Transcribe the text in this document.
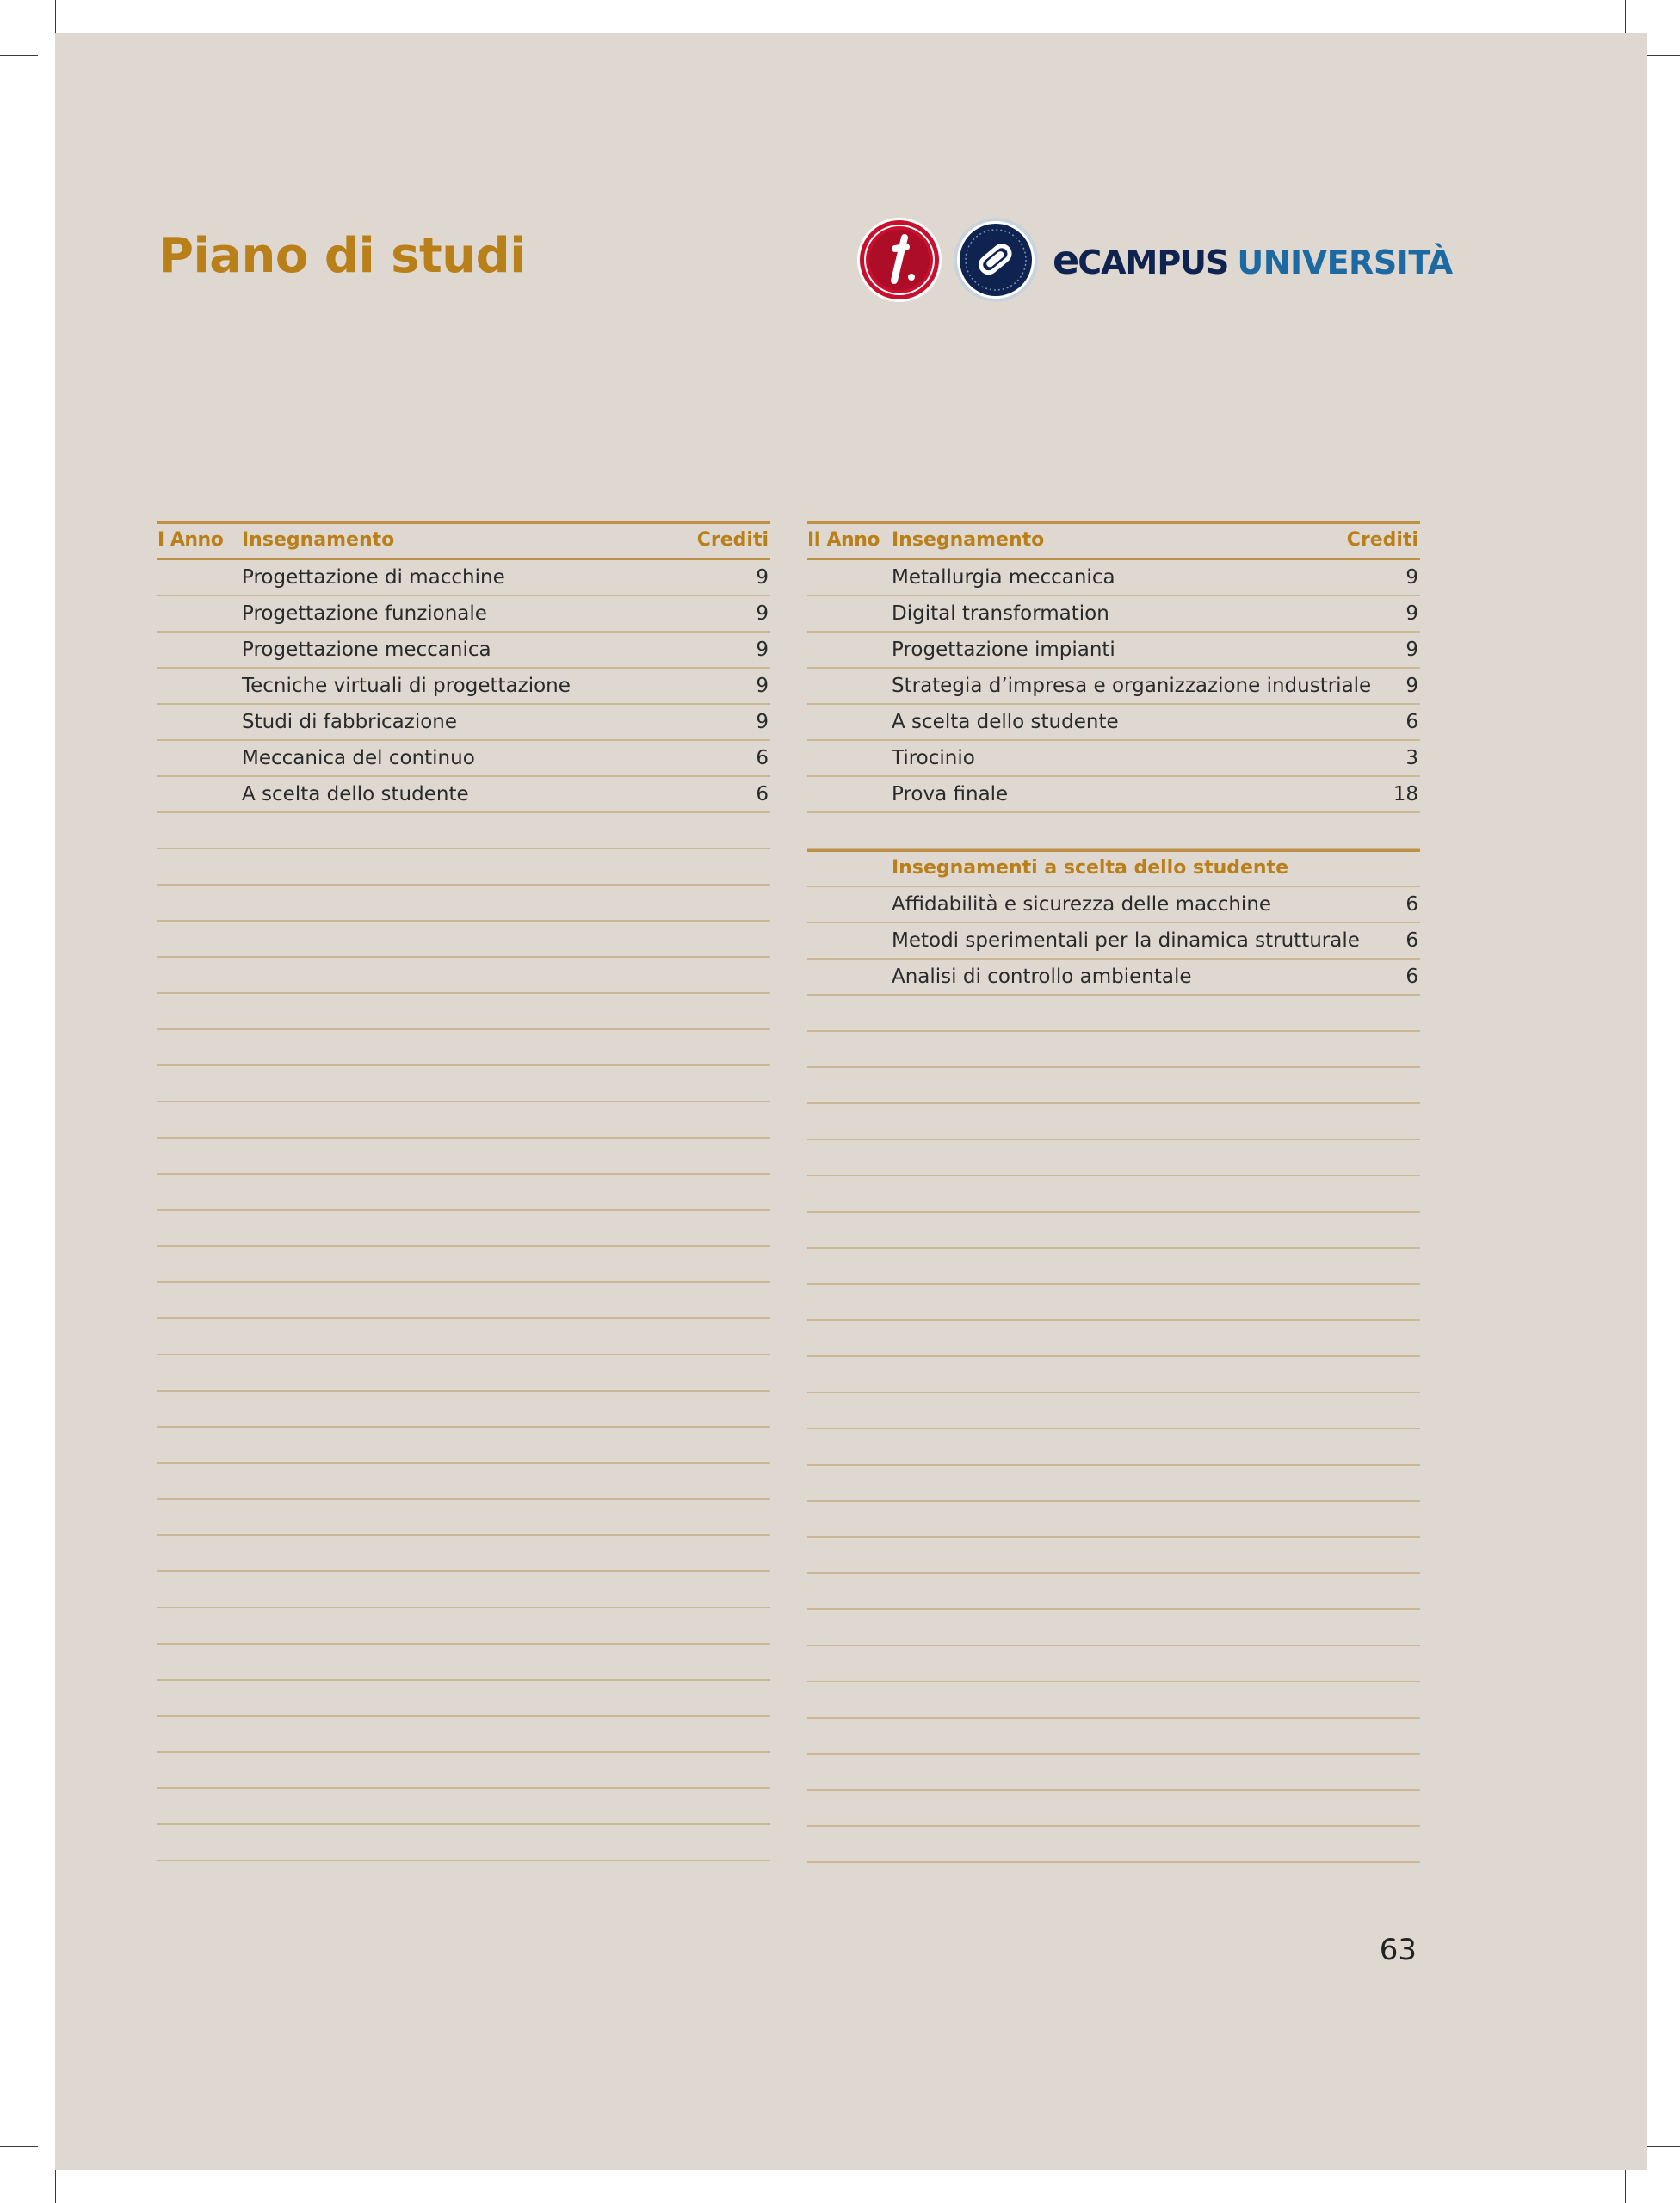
Piano di studi	eCAMPUS UNIVERSITÀ
I Anno Insegnamento	Crediti
Progettazione di macchine	9
Progettazione funzionale	9
Progettazione meccanica	9
Tecniche virtuali di progettazione	9
Studi di fabbricazione	9
Meccanica del continuo	6
A scelta dello studente	6
II Anno Insegnamento	Crediti
Metallurgia meccanica	9
Digital transformation	9
Progettazione impianti	9
Strategia d’impresa e organizzazione industriale 9
A scelta dello studente	6
Tirocinio	3
Prova finale	18
Insegnamenti a scelta dello studente
Affidabilità e sicurezza delle macchine	6
Metodi sperimentali per la dinamica strutturale 6
Analisi di controllo ambientale	6
63
